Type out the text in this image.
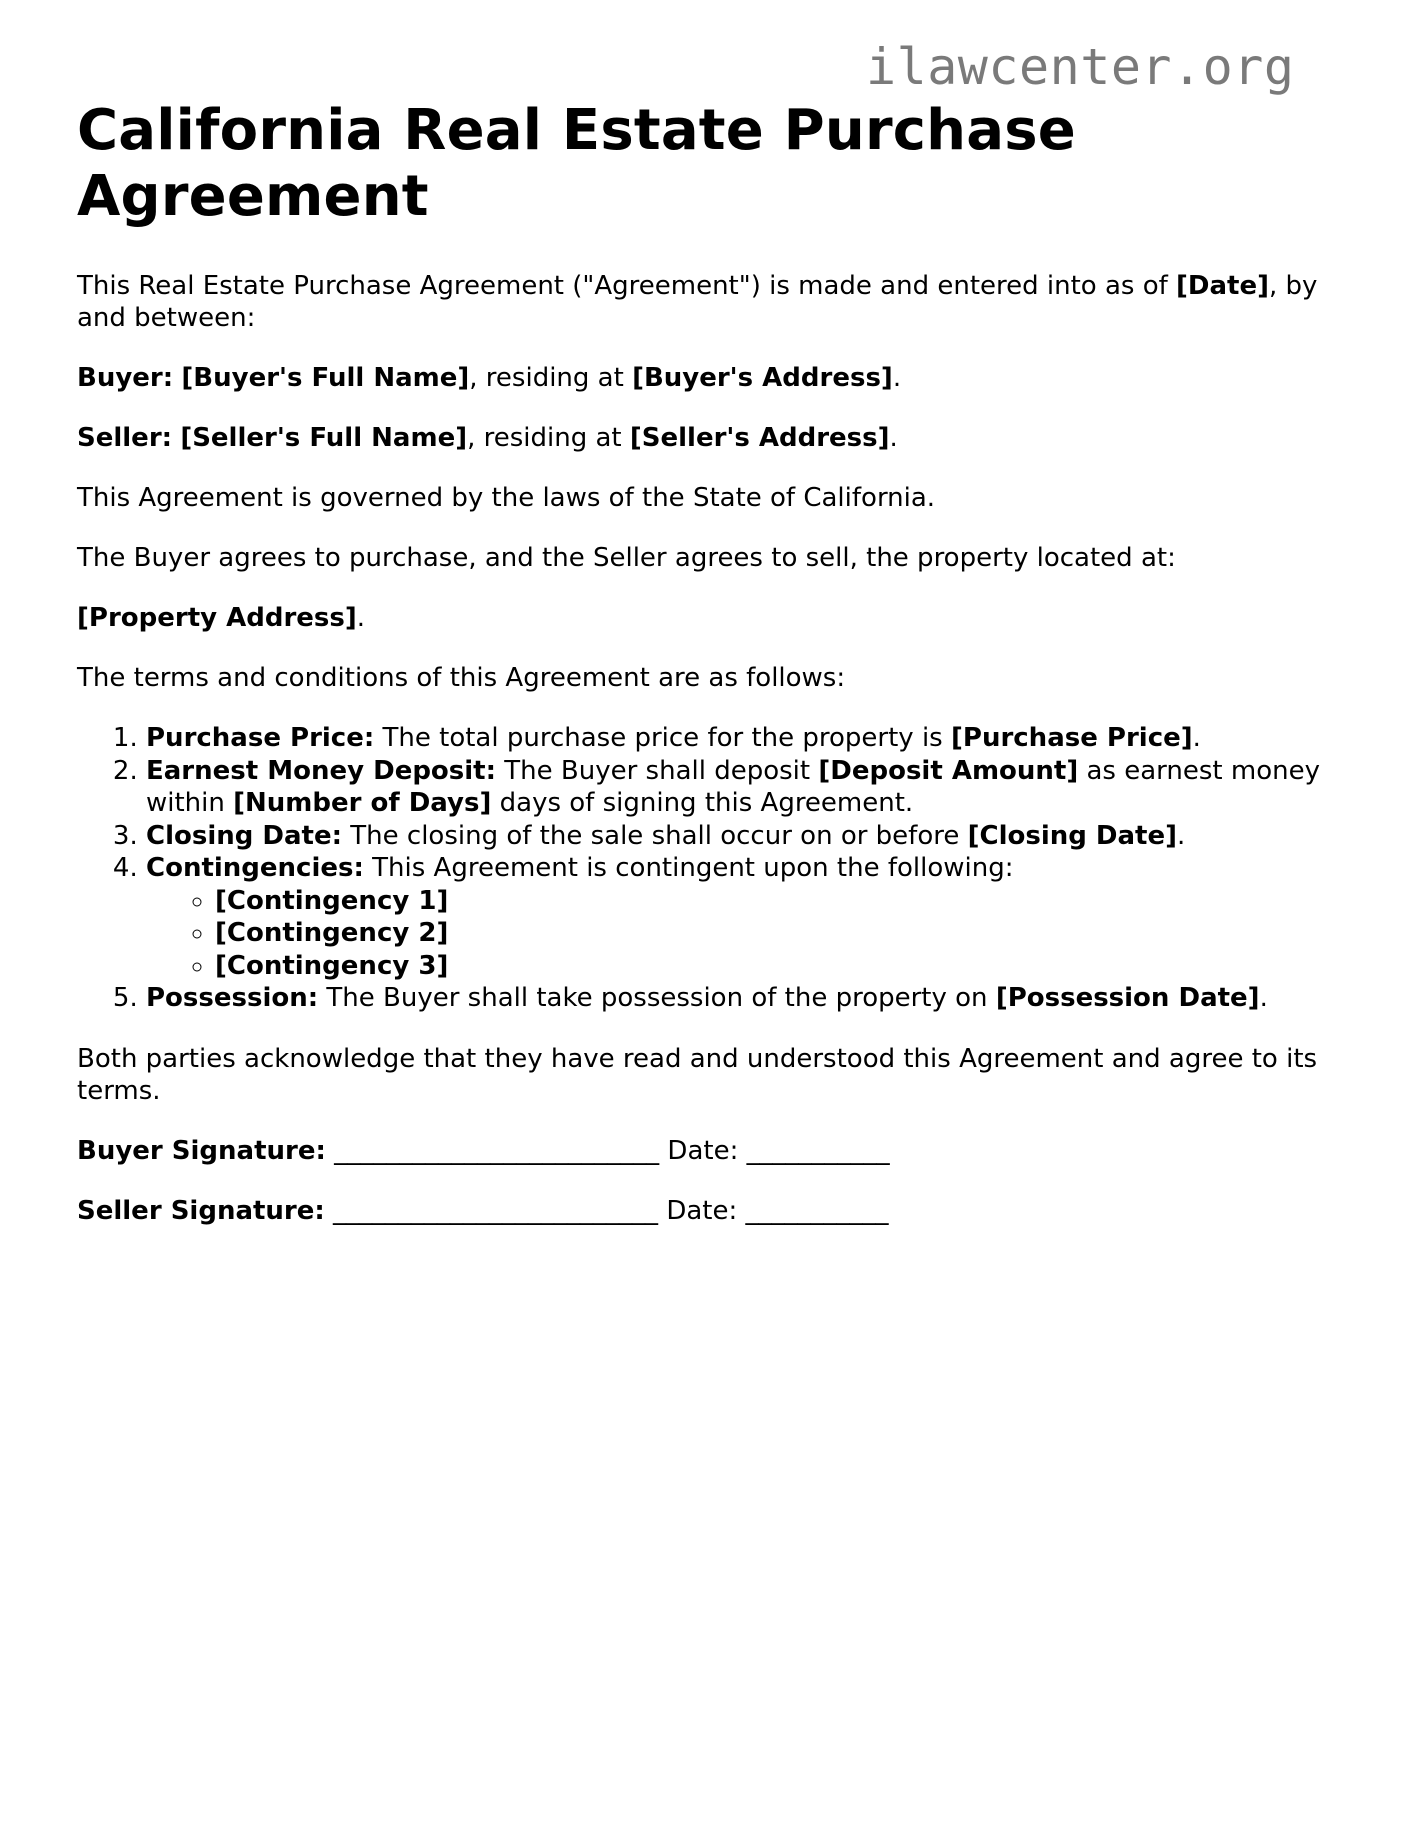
ilawcenter.org
California Real Estate Purchase Agreement

This Real Estate Purchase Agreement ("Agreement") is made and entered into as of [Date], by and between:

Buyer: [Buyer's Full Name], residing at [Buyer's Address].

Seller: [Seller's Full Name], residing at [Seller's Address].

This Agreement is governed by the laws of the State of California.

The Buyer agrees to purchase, and the Seller agrees to sell, the property located at:

[Property Address].

The terms and conditions of this Agreement are as follows:

1. Purchase Price: The total purchase price for the property is [Purchase Price].
2. Earnest Money Deposit: The Buyer shall deposit [Deposit Amount] as earnest money within [Number of Days] days of signing this Agreement.
3. Closing Date: The closing of the sale shall occur on or before [Closing Date].
4. Contingencies: This Agreement is contingent upon the following:
◦ [Contingency 1]
◦ [Contingency 2]
◦ [Contingency 3]
5. Possession: The Buyer shall take possession of the property on [Possession Date].

Both parties acknowledge that they have read and understood this Agreement and agree to its terms.

Buyer Signature: _________________________ Date: ___________

Seller Signature: _________________________ Date: ___________
